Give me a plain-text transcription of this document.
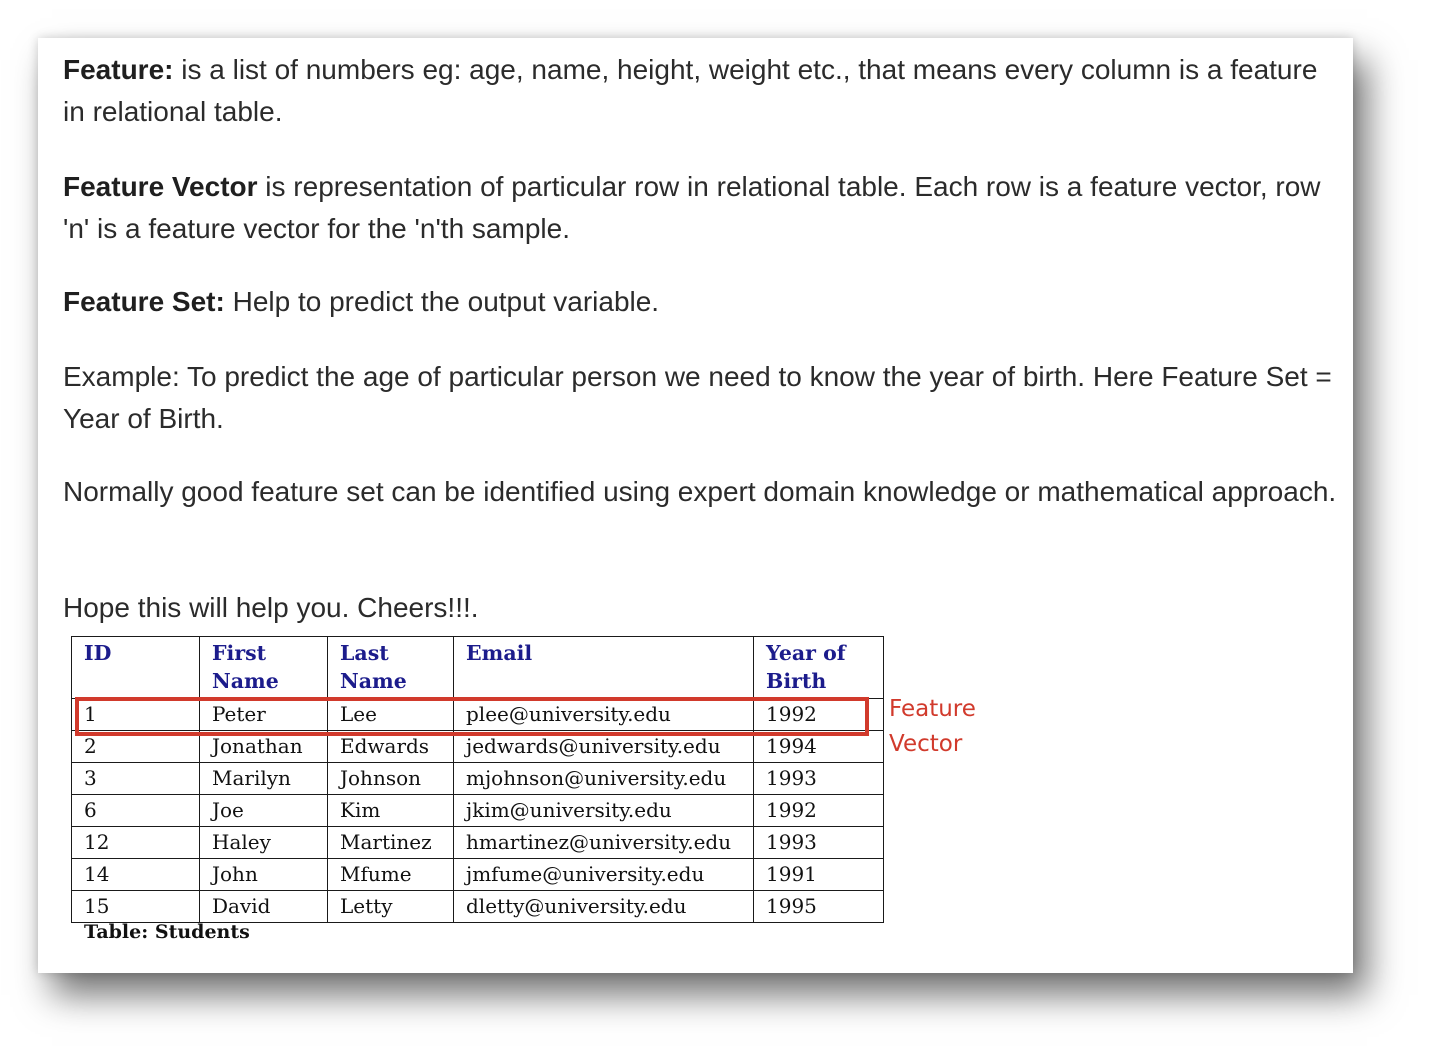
Feature: is a list of numbers eg: age, name, height, weight etc., that means every column is a feature in relational table.

Feature Vector is representation of particular row in relational table. Each row is a feature vector, row 'n' is a feature vector for the 'n'th sample.

Feature Set: Help to predict the output variable.

Example: To predict the age of particular person we need to know the year of birth. Here Feature Set = Year of Birth.

Normally good feature set can be identified using expert domain knowledge or mathematical approach.

Hope this will help you. Cheers!!!.

ID	First Name	Last Name	Email	Year of Birth
1	Peter	Lee	plee@university.edu	1992
2	Jonathan	Edwards	jedwards@university.edu	1994
3	Marilyn	Johnson	mjohnson@university.edu	1993
6	Joe	Kim	jkim@university.edu	1992
12	Haley	Martinez	hmartinez@university.edu	1993
14	John	Mfume	jmfume@university.edu	1991
15	David	Letty	dletty@university.edu	1995
Feature
Vector
Table: Students
